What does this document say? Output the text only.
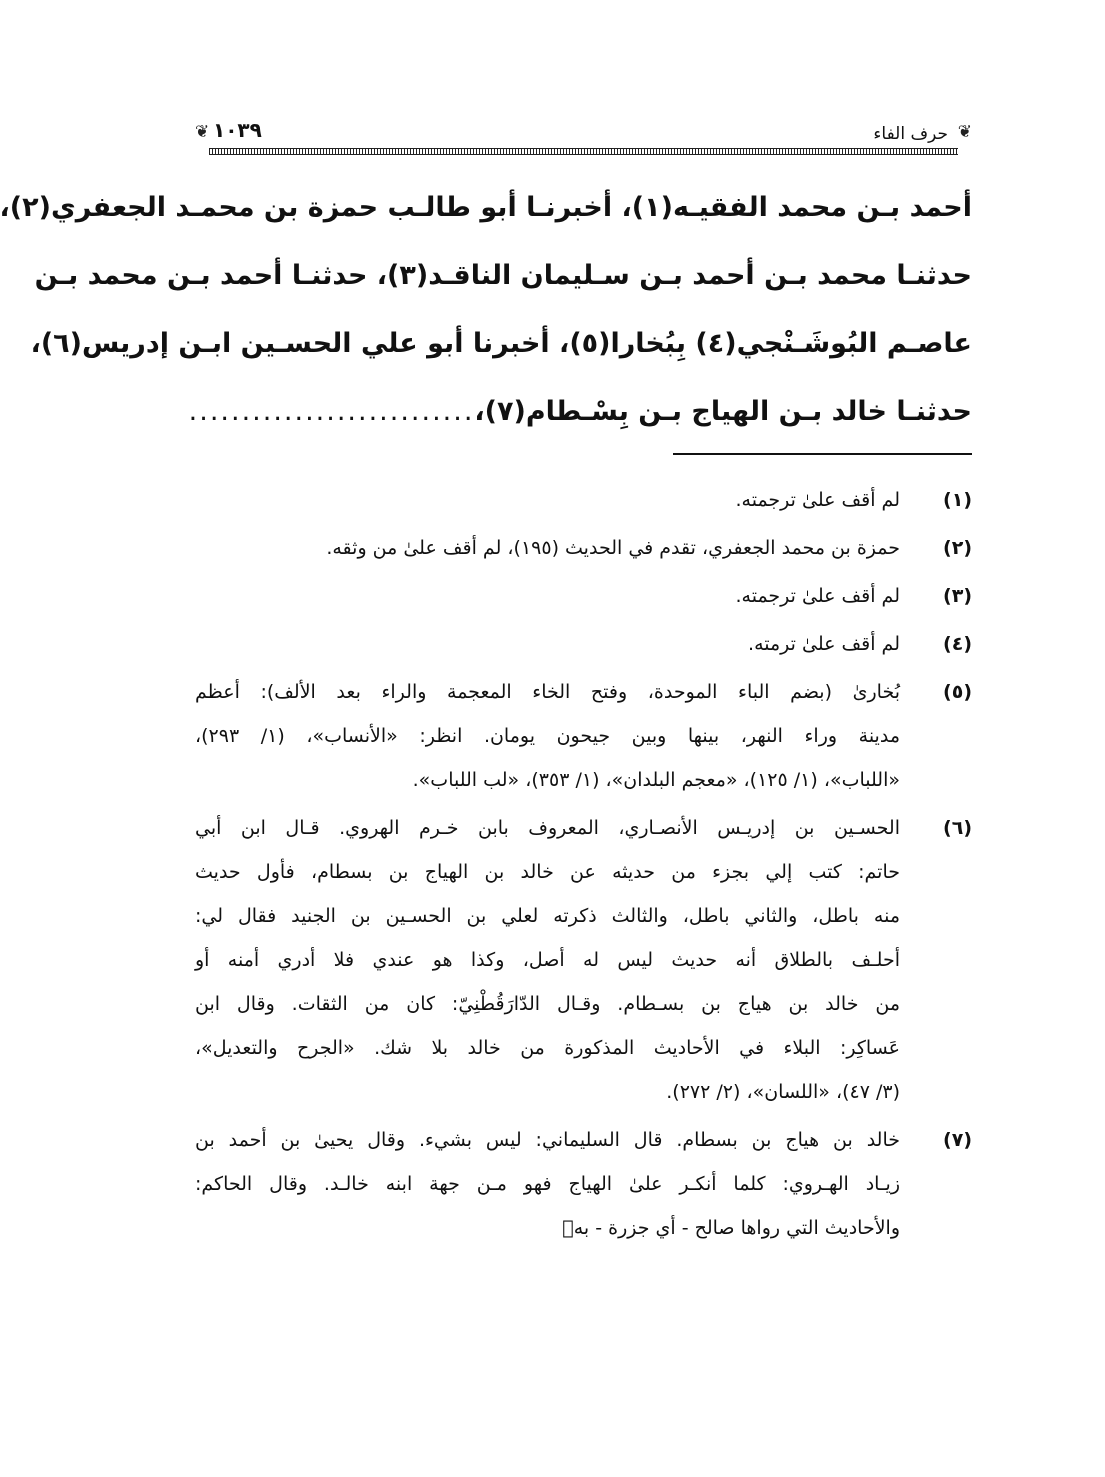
❦
حرف الفاء
١٠٣٩
❦
أحمد بـن محمد الفقيـه(١)، أخبرنـا أبو طالـب حمزة بن محمـد الجعفري(٢)،
حدثنـا محمد بـن أحمد بـن سـليمان الناقـد(٣)، حدثنـا أحمد بـن محمد بـن
عاصـم البُوشَـنْجي(٤) بِبُخارا(٥)، أخبرنا أبو علي الحسـين ابـن إدريس(٦)،
حدثنـا خالد بـن الهياج بـن بِسْـطام(٧)،
...........................
(١)
لم أقف علىٰ ترجمته.
(٢)
حمزة بن محمد الجعفري، تقدم في الحديث (١٩٥)، لم أقف علىٰ من وثقه.
(٣)
لم أقف علىٰ ترجمته.
(٤)
لم أقف علىٰ ترمته.
(٥)
بُخارىٰ (بضم الباء الموحدة، وفتح الخاء المعجمة والراء بعد الألف): أعظم
مدينة وراء النهر، بينها وبين جيحون يومان. انظر: «الأنساب»، (١/ ٢٩٣)،
«اللباب»، (١/ ١٢٥)، «معجم البلدان»، (١/ ٣٥٣)، «لب اللباب».
(٦)
الحسـين بن إدريـس الأنصـاري، المعروف بابن خـرم الهروي. قـال ابن أبي
حاتم: كتب إلي بجزء من حديثه عن خالد بن الهياج بن بسطام، فأول حديث
منه باطل، والثاني باطل، والثالث ذكرته لعلي بن الحسـين بن الجنيد فقال لي:
أحلـف بالطلاق أنه حديث ليس له أصل، وكذا هو عندي فلا أدري أمنه أو
من خالد بن هياج بن بسـطام. وقـال الدّارَقُطْنِيّ: كان من الثقات. وقال ابن
عَساكِر: البلاء في الأحاديث المذكورة من خالد بلا شك. «الجرح والتعديل»،
(٣/ ٤٧)، «اللسان»، (٢/ ٢٧٢).
(٧)
خالد بن هياج بن بسطام. قال السليماني: ليس بشيء. وقال يحيىٰ بن أحمد بن
زيـاد الهـروي: كلما أنكـر علىٰ الهياج فهو مـن جهة ابنه خالـد. وقال الحاكم:
والأحاديث التي رواها صالح - أي جزرة - بهٖ
